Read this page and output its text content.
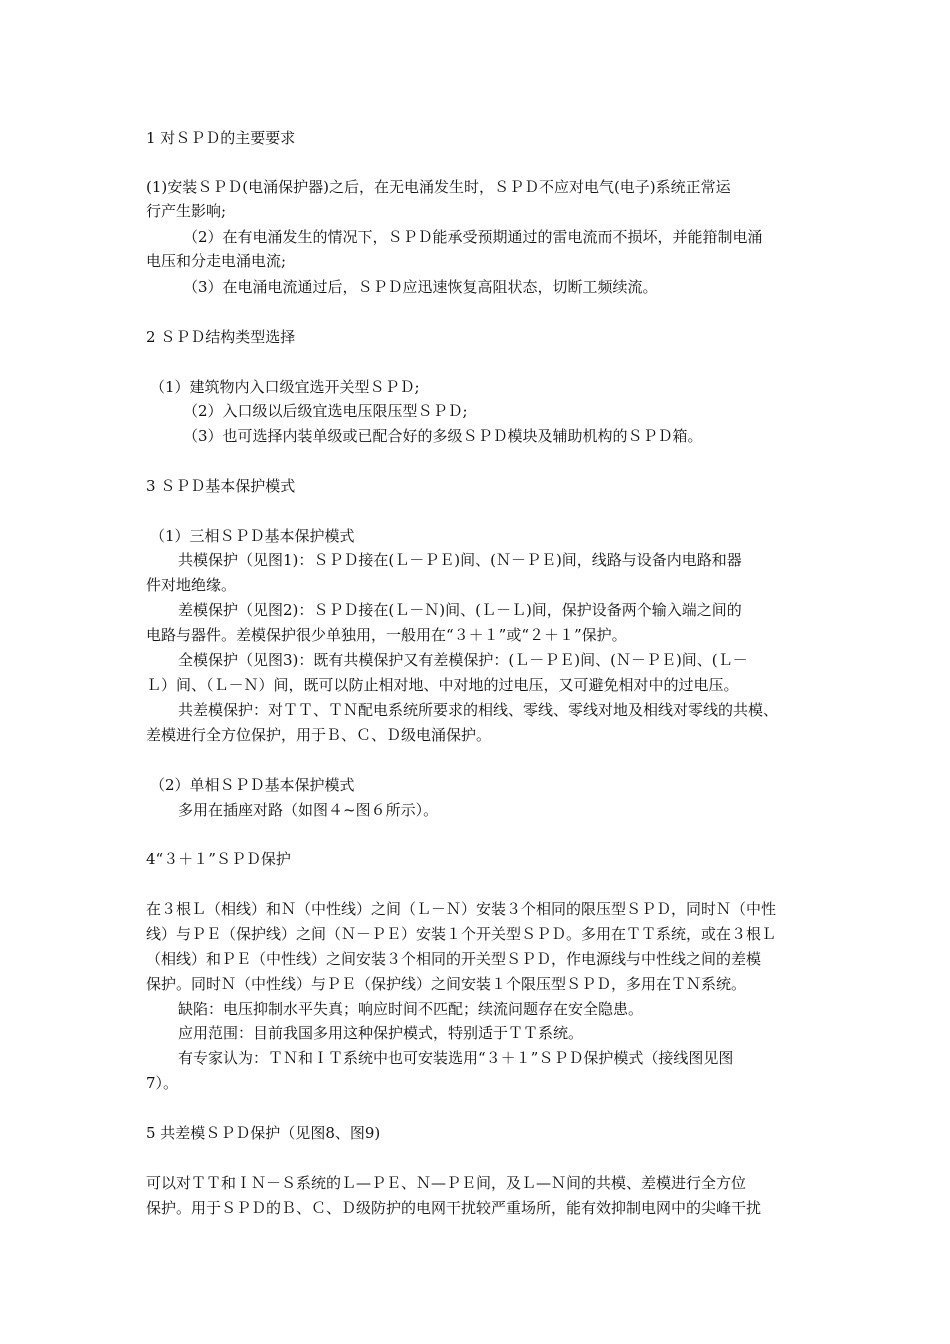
1 对ＳＰＤ的主要要求
(1)安装ＳＰＤ(电涌保护器)之后，在无电涌发生时，ＳＰＤ不应对电气(电子)系统正常运
行产生影响;
（2）在有电涌发生的情况下，ＳＰＤ能承受预期通过的雷电流而不损坏，并能箝制电涌
电压和分走电涌电流;
（3）在电涌电流通过后，ＳＰＤ应迅速恢复高阻状态，切断工频续流。
2 ＳＰＤ结构类型选择
（1）建筑物内入口级宜选开关型ＳＰＤ;
（2）入口级以后级宜选电压限压型ＳＰＤ;
（3）也可选择内装单级或已配合好的多级ＳＰＤ模块及辅助机构的ＳＰＤ箱。
3 ＳＰＤ基本保护模式
（1）三相ＳＰＤ基本保护模式
共模保护（见图1)：ＳＰＤ接在(Ｌ－ＰＥ)间、(Ｎ－ＰＥ)间，线路与设备内电路和器
件对地绝缘。
差模保护（见图2)：ＳＰＤ接在(Ｌ－Ｎ)间、(Ｌ－Ｌ)间，保护设备两个输入端之间的
电路与器件。差模保护很少单独用，一般用在“３＋１”或“２＋１”保护。
全模保护（见图3)：既有共模保护又有差模保护：(Ｌ－ＰＥ)间、(Ｎ－ＰＥ)间、(Ｌ－
Ｌ）间、（Ｌ－Ｎ）间，既可以防止相对地、中对地的过电压，又可避免相对中的过电压。
共差模保护：对ＴＴ、ＴＮ配电系统所要求的相线、零线、零线对地及相线对零线的共模、
差模进行全方位保护，用于Ｂ、Ｃ、Ｄ级电涌保护。
（2）单相ＳＰＤ基本保护模式
多用在插座对路（如图４~图６所示）。
4“３＋１”ＳＰＤ保护
在３根Ｌ（相线）和Ｎ（中性线）之间（Ｌ－Ｎ）安装３个相同的限压型ＳＰＤ，同时Ｎ（中性
线）与ＰＥ（保护线）之间（Ｎ－ＰＥ）安装１个开关型ＳＰＤ。多用在ＴＴ系统，或在３根Ｌ
（相线）和ＰＥ（中性线）之间安装３个相同的开关型ＳＰＤ，作电源线与中性线之间的差模
保护。同时Ｎ（中性线）与ＰＥ（保护线）之间安装１个限压型ＳＰＤ，多用在ＴＮ系统。
缺陷：电压抑制水平失真；响应时间不匹配；续流问题存在安全隐患。
应用范围：目前我国多用这种保护模式，特别适于ＴＴ系统。
有专家认为：ＴＮ和ＩＴ系统中也可安装选用“３＋１”ＳＰＤ保护模式（接线图见图
7）。
5 共差模ＳＰＤ保护（见图8、图9)
可以对ＴＴ和ＩＮ－Ｓ系统的Ｌ—ＰＥ、Ｎ—ＰＥ间，及Ｌ—Ｎ间的共模、差模进行全方位
保护。用于ＳＰＤ的Ｂ、Ｃ、Ｄ级防护的电网干扰较严重场所，能有效抑制电网中的尖峰干扰
